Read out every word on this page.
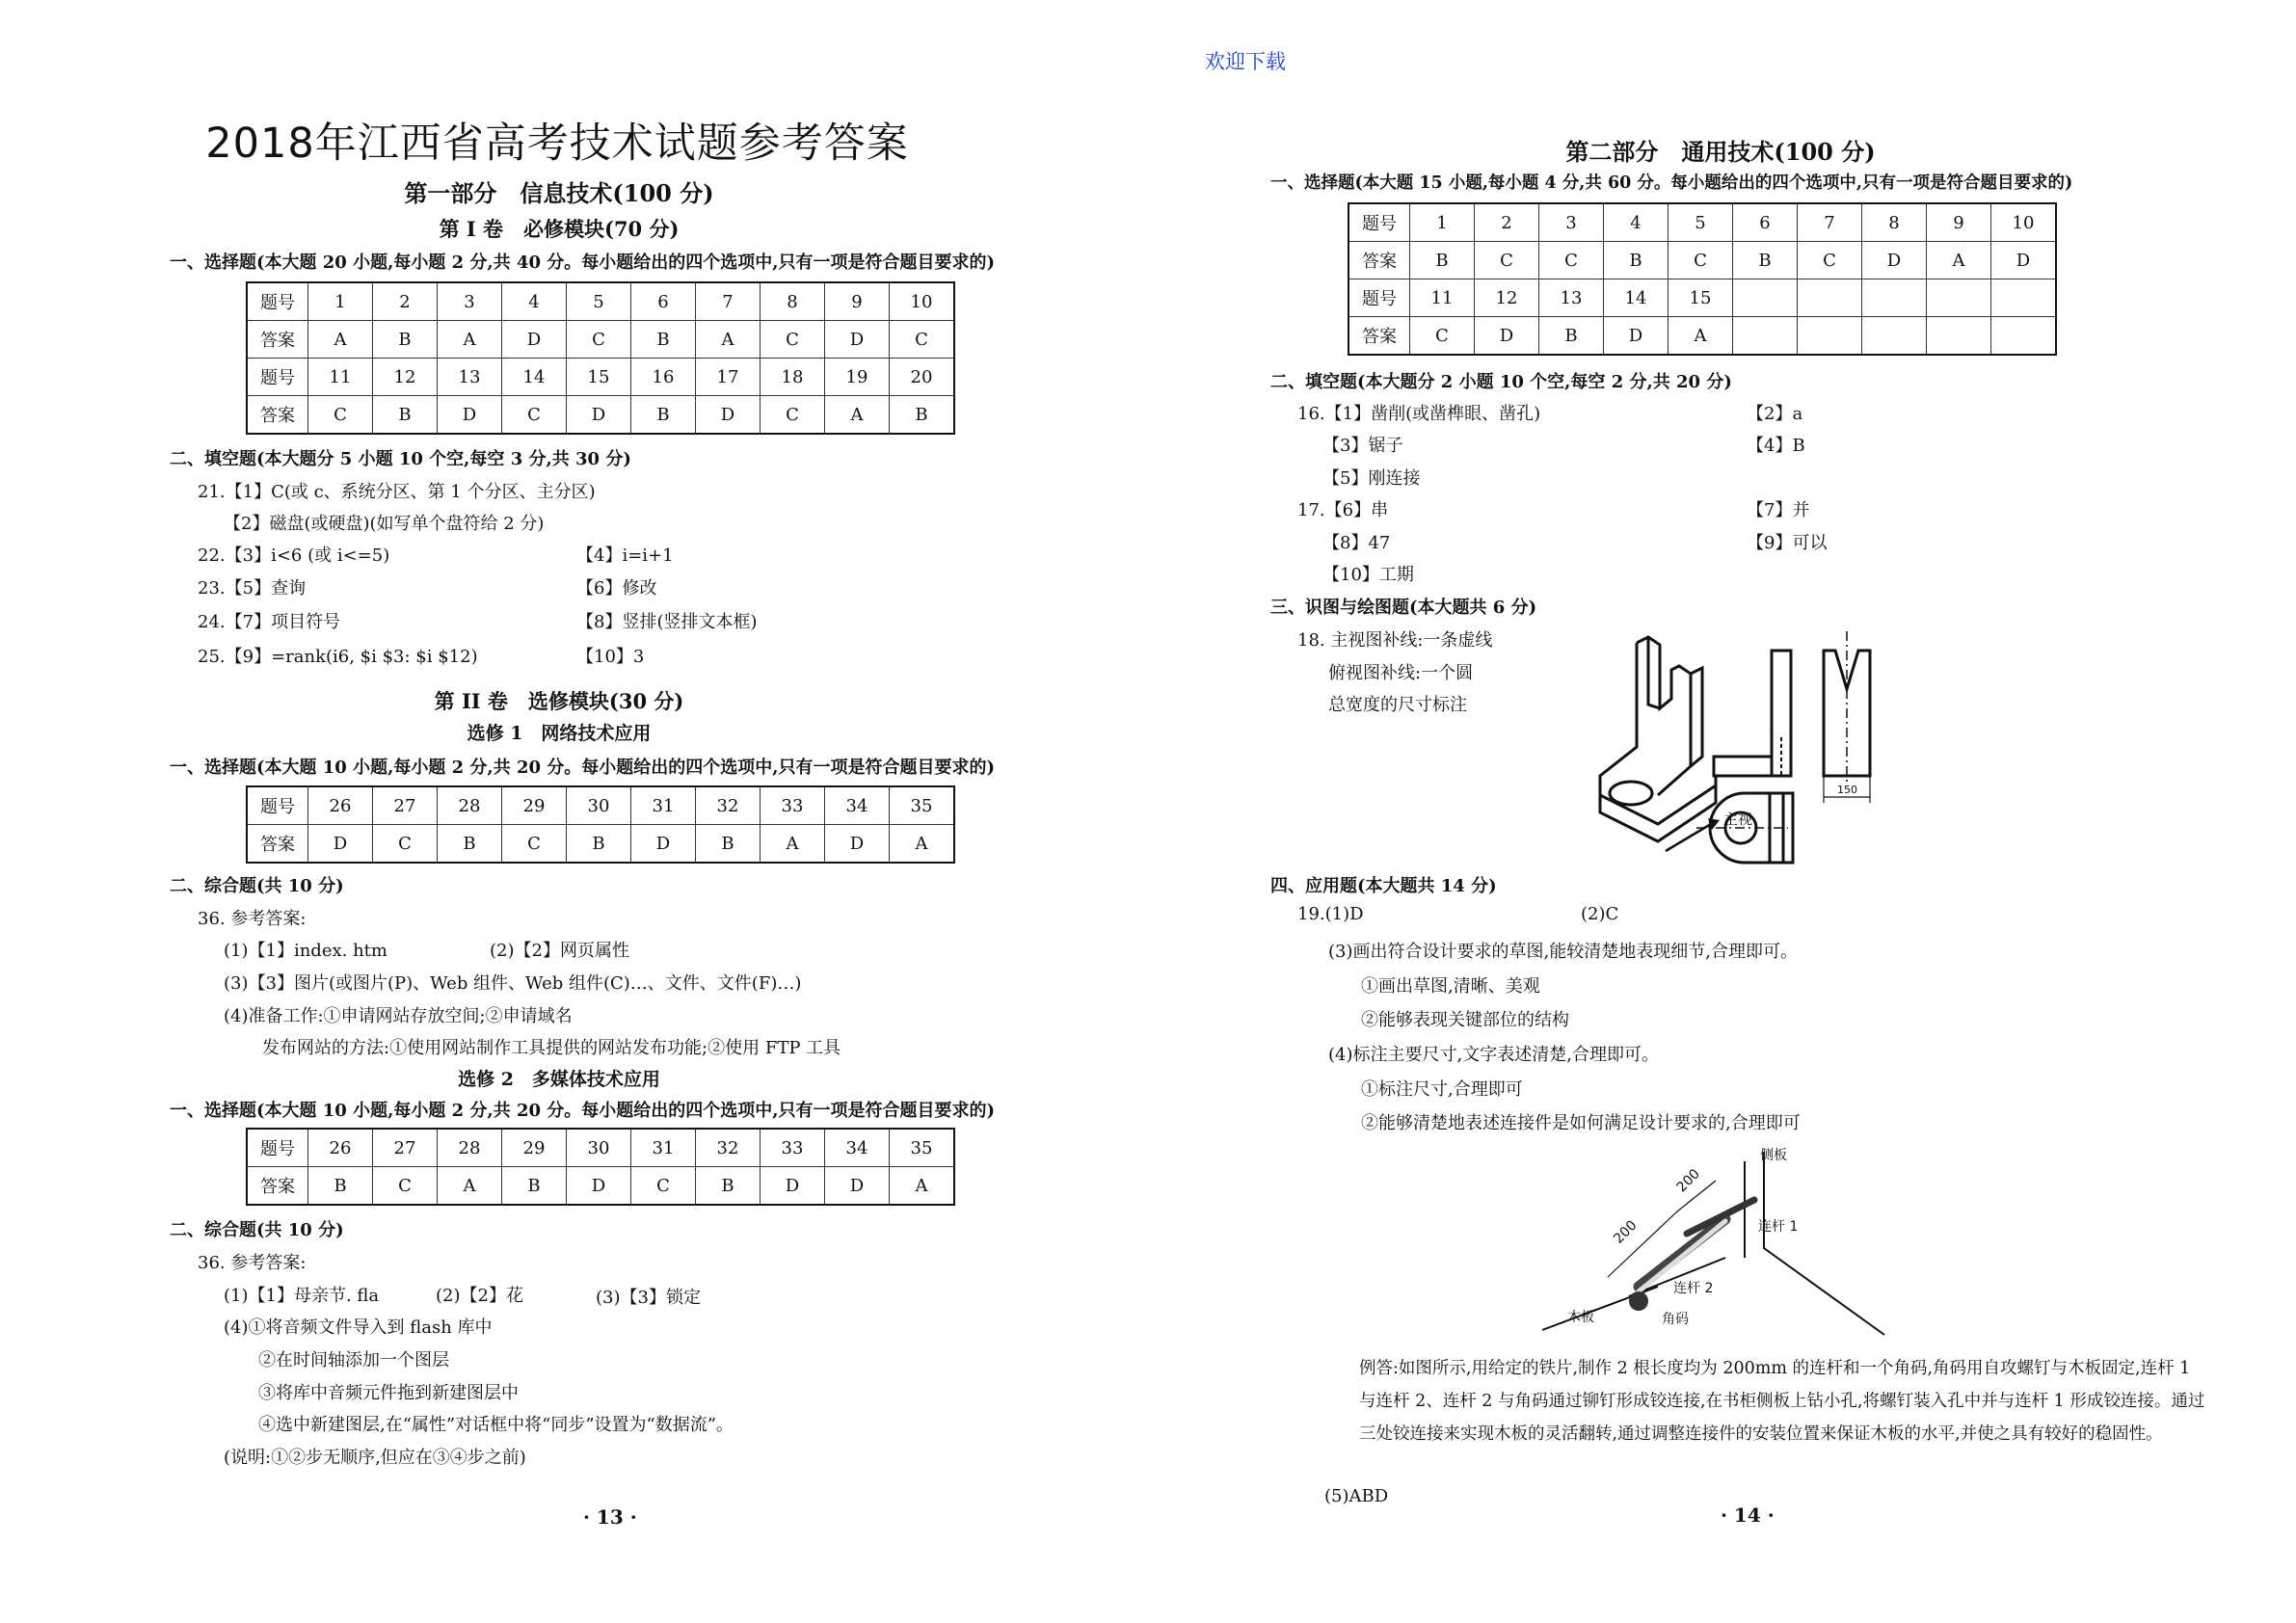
欢迎下载
2018年江西省高考技术试题参考答案
第一部分　信息技术(100 分)
第 I 卷　必修模块(70 分)
一、选择题(本大题 20 小题,每小题 2 分,共 40 分。每小题给出的四个选项中,只有一项是符合题目要求的)
题号	1	2	3	4	5	6	7	8	9	10
答案	A	B	A	D	C	B	A	C	D	C
题号	11	12	13	14	15	16	17	18	19	20
答案	C	B	D	C	D	B	D	C	A	B
二、填空题(本大题分 5 小题 10 个空,每空 3 分,共 30 分)
21.【1】C(或 c、系统分区、第 1 个分区、主分区)
【2】磁盘(或硬盘)(如写单个盘符给 2 分)
22.【3】i<6 (或 i<=5)	【4】i=i+1
23.【5】查询	【6】修改
24.【7】项目符号	【8】竖排(竖排文本框)
25.【9】=rank(i6, $i $3: $i $12)	【10】3
第 II 卷　选修模块(30 分)
选修 1　网络技术应用
一、选择题(本大题 10 小题,每小题 2 分,共 20 分。每小题给出的四个选项中,只有一项是符合题目要求的)
题号	26	27	28	29	30	31	32	33	34	35
答案	D	C	B	C	B	D	B	A	D	A
二、综合题(共 10 分)
36. 参考答案:
(1)【1】index. htm	(2)【2】网页属性
(3)【3】图片(或图片(P)、Web 组件、Web 组件(C)…、文件、文件(F)…)
(4)准备工作:①申请网站存放空间;②申请域名
发布网站的方法:①使用网站制作工具提供的网站发布功能;②使用 FTP 工具
选修 2　多媒体技术应用
一、选择题(本大题 10 小题,每小题 2 分,共 20 分。每小题给出的四个选项中,只有一项是符合题目要求的)
题号	26	27	28	29	30	31	32	33	34	35
答案	B	C	A	B	D	C	B	D	D	A
二、综合题(共 10 分)
36. 参考答案:
(1)【1】母亲节. fla	(2)【2】花	(3)【3】锁定
(4)①将音频文件导入到 flash 库中
②在时间轴添加一个图层
③将库中音频元件拖到新建图层中
④选中新建图层,在“属性”对话框中将“同步”设置为“数据流”。
(说明:①②步无顺序,但应在③④步之前)
· 13 ·
第二部分　通用技术(100 分)
一、选择题(本大题 15 小题,每小题 4 分,共 60 分。每小题给出的四个选项中,只有一项是符合题目要求的)
题号	1	2	3	4	5	6	7	8	9	10
答案	B	C	C	B	C	B	C	D	A	D
题号	11	12	13	14	15					
答案	C	D	B	D	A					
二、填空题(本大题分 2 小题 10 个空,每空 2 分,共 20 分)
16.【1】凿削(或凿榫眼、凿孔)	【2】a
【3】锯子	【4】B
【5】刚连接
17.【6】串	【7】并
【8】47	【9】可以
【10】工期
三、识图与绘图题(本大题共 6 分)
18. 主视图补线:一条虚线
俯视图补线:一个圆
总宽度的尺寸标注
主视
150
四、应用题(本大题共 14 分)
19.(1)D	(2)C
(3)画出符合设计要求的草图,能较清楚地表现细节,合理即可。
①画出草图,清晰、美观
②能够表现关键部位的结构
(4)标注主要尺寸,文字表述清楚,合理即可。
①标注尺寸,合理即可
②能够清楚地表述连接件是如何满足设计要求的,合理即可
200
200
侧板
连杆 1
连杆 2
木板	角码
例答:如图所示,用给定的铁片,制作 2 根长度均为 200mm 的连杆和一个角码,角码用自攻螺钉与木板固定,连杆 1 与连杆 2、连杆 2 与角码通过铆钉形成铰连接,在书柜侧板上钻小孔,将螺钉装入孔中并与连杆 1 形成铰连接。通过三处铰连接来实现木板的灵活翻转,通过调整连接件的安装位置来保证木板的水平,并使之具有较好的稳固性。
(5)ABD
· 14 ·
